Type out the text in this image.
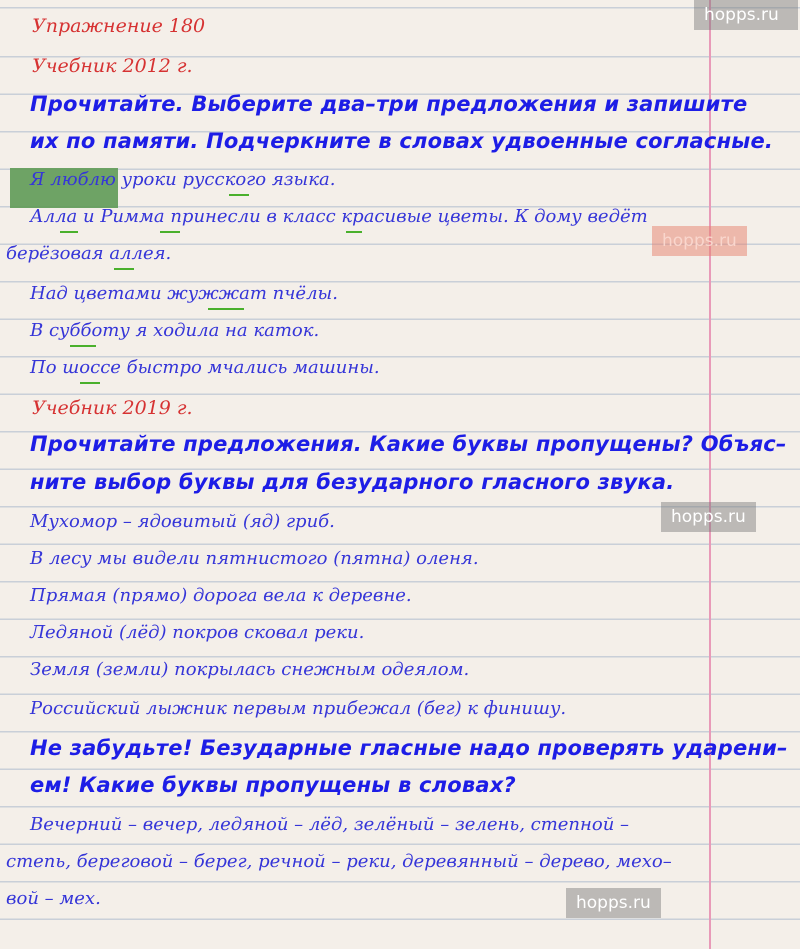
Упражнение 180
Учебник 2012 г.
Прочитайте. Выберите два–три предложения и запишите
их по памяти. Подчеркните в словах удвоенные согласные.
Я люблю уроки русского языка.
Алла и Римма принесли в класс красивые цветы. К дому ведёт
берёзовая аллея.
Над цветами жужжат пчёлы.
В субботу я ходила на каток.
По шоссе быстро мчались машины.
Учебник 2019 г.
Прочитайте предложения. Какие буквы пропущены? Объяс–
ните выбор буквы для безударного гласного звука.
Мухомор – ядовитый (яд) гриб.
В лесу мы видели пятнистого (пятна) оленя.
Прямая (прямо) дорога вела к деревне.
Ледяной (лёд) покров сковал реки.
Земля (земли) покрылась снежным одеялом.
Российский лыжник первым прибежал (бег) к финишу.
Не забудьте! Безударные гласные надо проверять ударени–
ем! Какие буквы пропущены в словах?
Вечерний – вечер, ледяной – лёд, зелёный – зелень, степной –
степь, береговой – берег, речной – реки, деревянный – дерево, мехо–
вой – мех.
hopps.ru
hopps.ru
hopps.ru
hopps.ru
